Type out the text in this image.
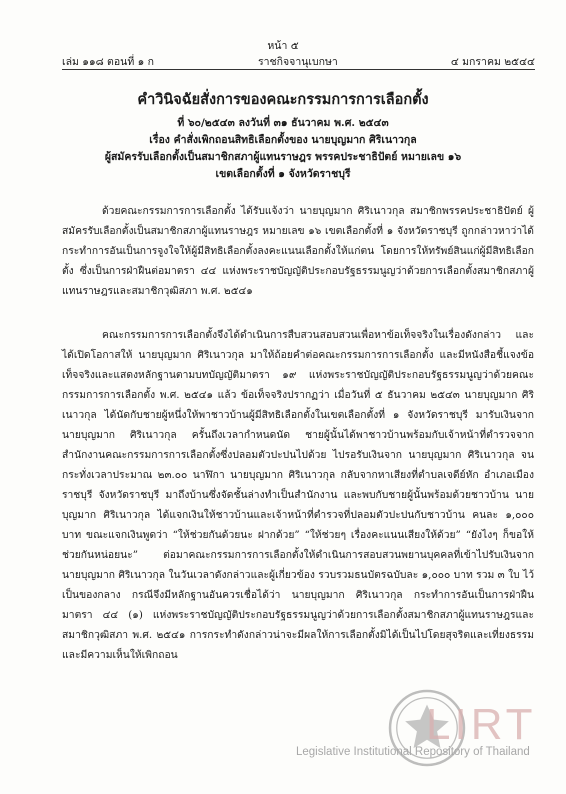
หน้า ๕
เล่ม ๑๑๘ ตอนที่ ๑ ก	ราชกิจจานุเบกษา	๔ มกราคม ๒๕๔๔
คำวินิจฉัยสั่งการของคณะกรรมการการเลือกตั้ง
ที่ ๖๐/๒๕๔๓ ลงวันที่ ๓๑ ธันวาคม พ.ศ. ๒๕๔๓
เรื่อง คำสั่งเพิกถอนสิทธิเลือกตั้งของ นายบุญมาก ศิริเนาวกุล
ผู้สมัครรับเลือกตั้งเป็นสมาชิกสภาผู้แทนราษฎร พรรคประชาธิปัตย์ หมายเลข ๑๖
เขตเลือกตั้งที่ ๑ จังหวัดราชบุรี

ด้วยคณะกรรมการการเลือกตั้ง ได้รับแจ้งว่า นายบุญมาก ศิริเนาวกุล สมาชิกพรรคประชาธิปัตย์ ผู้สมัครรับเลือกตั้งเป็นสมาชิกสภาผู้แทนราษฎร หมายเลข ๑๖ เขตเลือกตั้งที่ ๑ จังหวัดราชบุรี ถูกกล่าวหาว่าได้กระทำการอันเป็นการจูงใจให้ผู้มีสิทธิเลือกตั้งลงคะแนนเลือกตั้งให้แก่ตน โดยการให้ทรัพย์สินแก่ผู้มีสิทธิเลือกตั้ง ซึ่งเป็นการฝ่าฝืนต่อมาตรา ๔๔ แห่งพระราชบัญญัติประกอบรัฐธรรมนูญว่าด้วยการเลือกตั้งสมาชิกสภาผู้แทนราษฎรและสมาชิกวุฒิสภา พ.ศ. ๒๕๔๑

คณะกรรมการการเลือกตั้งจึงได้ดำเนินการสืบสวนสอบสวนเพื่อหาข้อเท็จจริงในเรื่องดังกล่าว และได้เปิดโอกาสให้ นายบุญมาก ศิริเนาวกุล มาให้ถ้อยคำต่อคณะกรรมการการเลือกตั้ง และมีหนังสือชี้แจงข้อเท็จจริงและแสดงหลักฐานตามบทบัญญัติมาตรา ๑๙ แห่งพระราชบัญญัติประกอบรัฐธรรมนูญว่าด้วยคณะกรรมการการเลือกตั้ง พ.ศ. ๒๕๔๑ แล้ว ข้อเท็จจริงปรากฏว่า เมื่อวันที่ ๕ ธันวาคม ๒๕๔๓ นายบุญมาก ศิริเนาวกุล ได้นัดกับชายผู้หนึ่งให้พาชาวบ้านผู้มีสิทธิเลือกตั้งในเขตเลือกตั้งที่ ๑ จังหวัดราชบุรี มารับเงินจาก นายบุญมาก ศิริเนาวกุล ครั้นถึงเวลากำหนดนัด ชายผู้นั้นได้พาชาวบ้านพร้อมกับเจ้าหน้าที่ตำรวจจากสำนักงานคณะกรรมการการเลือกตั้งซึ่งปลอมตัวปะปนไปด้วย ไปรอรับเงินจาก นายบุญมาก ศิริเนาวกุล จนกระทั่งเวลาประมาณ ๒๓.๐๐ นาฬิกา นายบุญมาก ศิริเนาวกุล กลับจากหาเสียงที่ตำบลเจดีย์หัก อำเภอเมืองราชบุรี จังหวัดราชบุรี มาถึงบ้านซึ่งจัดชั้นล่างทำเป็นสำนักงาน และพบกับชายผู้นั้นพร้อมด้วยชาวบ้าน นายบุญมาก ศิริเนาวกุล ได้แจกเงินให้ชาวบ้านและเจ้าหน้าที่ตำรวจที่ปลอมตัวปะปนกับชาวบ้าน คนละ ๑,๐๐๐ บาท ขณะแจกเงินพูดว่า “ให้ช่วยกันด้วยนะ ฝากด้วย” “ให้ช่วยๆ เรื่องคะแนนเสียงให้ด้วย” “ยังไงๆ ก็ขอให้ช่วยกันหน่อยนะ” ต่อมาคณะกรรมการการเลือกตั้งให้ดำเนินการสอบสวนพยานบุคคลที่เข้าไปรับเงินจาก นายบุญมาก ศิริเนาวกุล ในวันเวลาดังกล่าวและผู้เกี่ยวข้อง รวบรวมธนบัตรฉบับละ ๑,๐๐๐ บาท รวม ๓ ใบ ไว้เป็นของกลาง กรณีจึงมีหลักฐานอันควรเชื่อได้ว่า นายบุญมาก ศิริเนาวกุล กระทำการอันเป็นการฝ่าฝืน มาตรา ๔๔ (๑) แห่งพระราชบัญญัติประกอบรัฐธรรมนูญว่าด้วยการเลือกตั้งสมาชิกสภาผู้แทนราษฎรและสมาชิกวุฒิสภา พ.ศ. ๒๕๔๑ การกระทำดังกล่าวน่าจะมีผลให้การเลือกตั้งมิได้เป็นไปโดยสุจริตและเที่ยงธรรม และมีความเห็นให้เพิกถอน

LIRT
Legislative Institutional Repository of Thailand
